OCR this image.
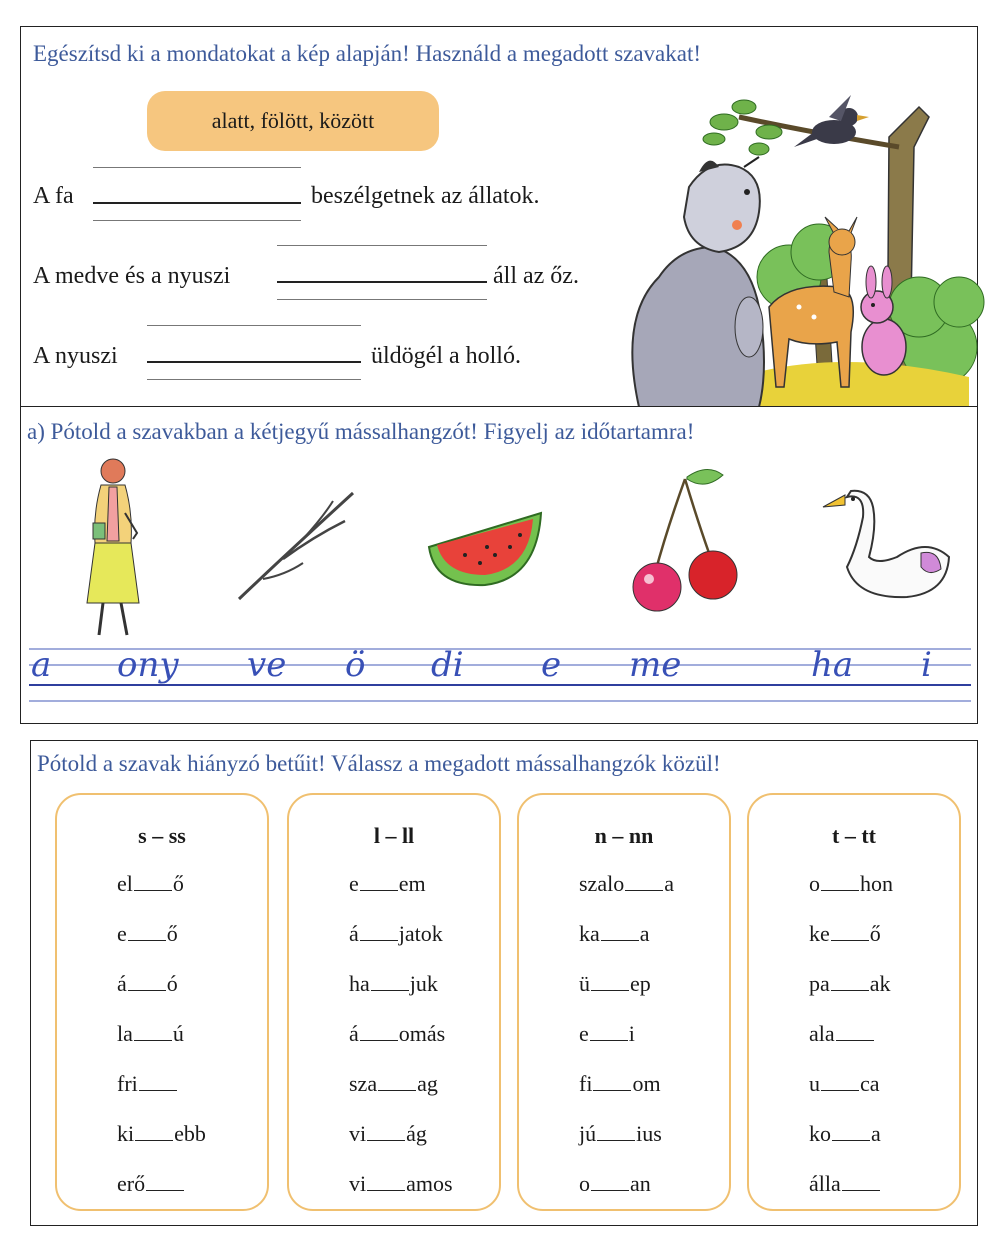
Egészítsd ki a mondatokat a kép alapján! Használd a megadott szavakat!
alatt, fölött, között
A fa	beszélgetnek az állatok.
A medve és a nyuszi	áll az őz.
A nyuszi	üldögél a holló.
a) Pótold a szavakban a kétjegyű mássalhangzót! Figyelj az időtartamra!
a ony ve ö di e me	ha i
Pótold a szavak hiányzó betűit! Válassz a megadott mássalhangzók közül!
s – ss
el ő
e ő
á ó
la ú
fri
ki ebb
erő
l – ll
e em
á jatok
ha juk
á omás
sza ag
vi ág
vi amos
n – nn
szalo a
ka a
ü ep
e i
fi om
jú ius
o an
t – tt
o hon
ke ő
pa ak
ala
u ca
ko a
álla
